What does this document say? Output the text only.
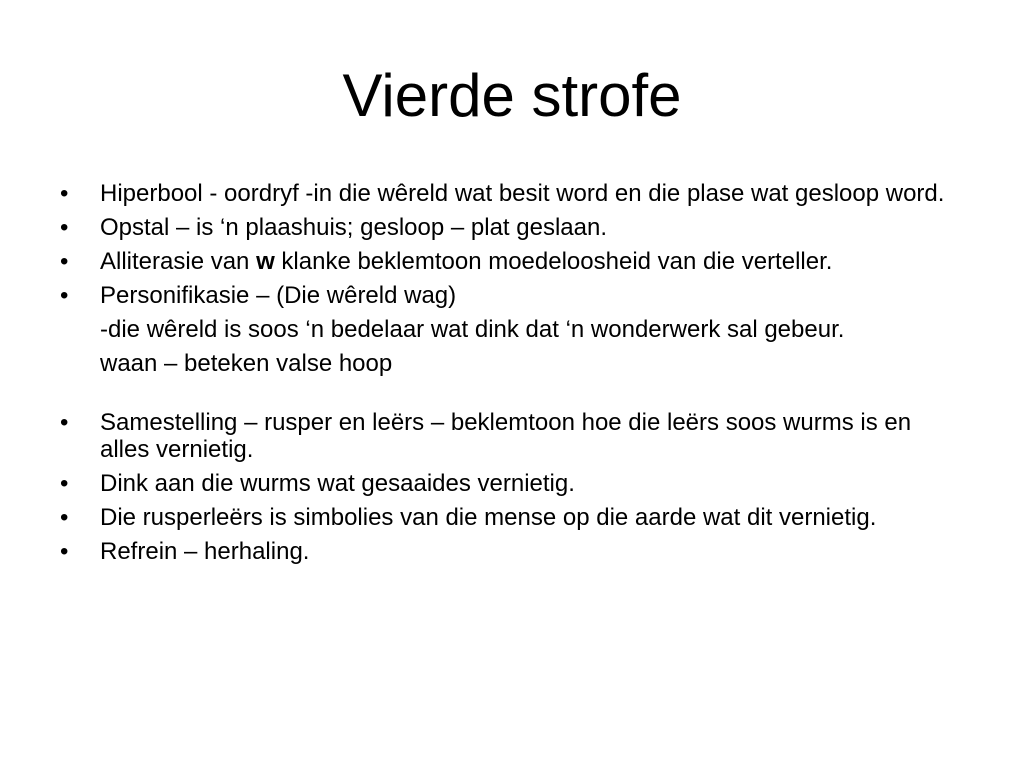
Vierde strofe
•	Hiperbool - oordryf -in die wêreld wat besit word en die plase wat gesloop word.
•	Opstal – is ‘n plaashuis; gesloop – plat geslaan.
•	Alliterasie van w klanke beklemtoon moedeloosheid van die verteller.
•	Personifikasie – (Die wêreld wag)
-die wêreld is soos ‘n bedelaar wat dink dat ‘n wonderwerk sal gebeur.
waan – beteken valse hoop
•	Samestelling – rusper en leërs – beklemtoon hoe die leërs soos wurms is en alles vernietig.
•	Dink aan die wurms wat gesaaides vernietig.
•	Die rusperleërs is simbolies van die mense op die aarde wat dit vernietig.
•	Refrein – herhaling.
